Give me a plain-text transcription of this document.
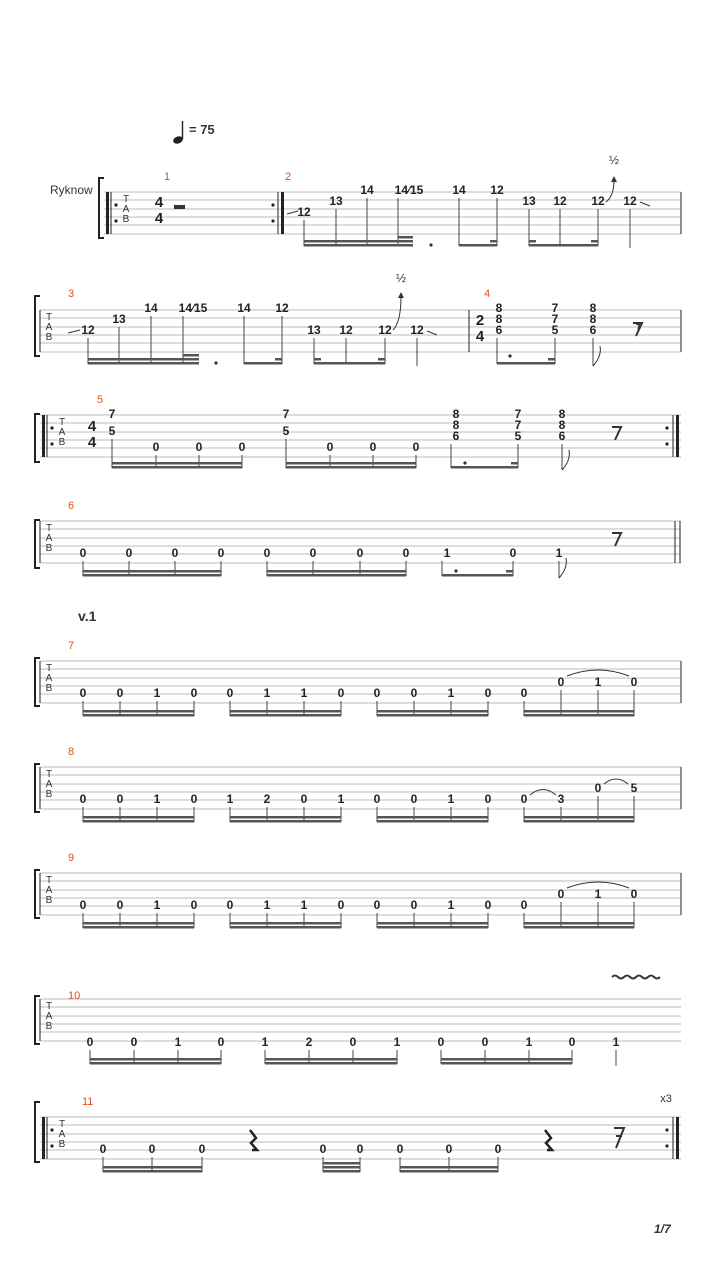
= 75
Ryknow
T
A
B
4
4
1	2
12
13
14 14⁄15 14 12
13 12 12 12
½
T
A
B
3
12
13
14 14⁄15 14 12
13 12 12 12
½
4
2
4
8
8
6
7
7
5
8
8
6 𝄾
T
A
B
5
4
4
7
5
0	0	0
7
5
0	0	0
8
8
6
7
7
5
8
8
6
T
A
B
6
0	0	0	0	0	0	0	0	1	0	1
v.1
T
A
B
7
0	0	1	0 0	1	1	0 0	0	1	0 0
0	1 0
T
A
B
8
0	0	1	0 1	2	0	1 0	0	1	0 0	3
0 5
T
A
B
9
0	0	1	0 0	1	1	0 0	0	1	0 0
0	1 0
T
A
B
10
0	0	1	0	1	2	0	1	0	0	1	0	1
x3
T
A
B
11
0	0	0	0	0	0	0	0
1/7
